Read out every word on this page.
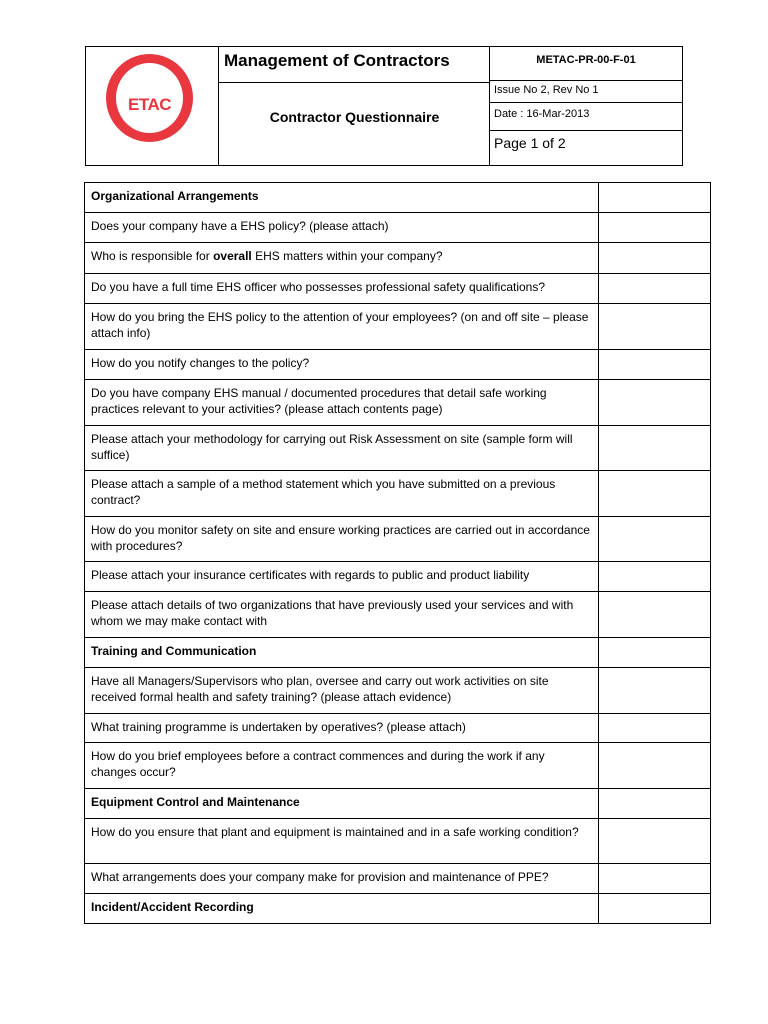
ETAC
Management of Contractors
Contractor Questionnaire
METAC-PR-00-F-01
Issue No 2, Rev No 1
Date : 16-Mar-2013
Page 1 of 2
Organizational Arrangements	
Does your company have a EHS policy? (please attach)	
Who is responsible for overall EHS matters within your company?	
Do you have a full time EHS officer who possesses professional safety qualifications?	
How do you bring the EHS policy to the attention of your employees? (on and off site – please attach info)	
How do you notify changes to the policy?	
Do you have company EHS manual / documented procedures that detail safe working practices relevant to your activities? (please attach contents page)	
Please attach your methodology for carrying out Risk Assessment on site (sample form will suffice)	
Please attach a sample of a method statement which you have submitted on a previous contract?	
How do you monitor safety on site and ensure working practices are carried out in accordance with procedures?	
Please attach your insurance certificates with regards to public and product liability	
Please attach details of two organizations that have previously used your services and with whom we may make contact with	
Training and Communication	
Have all Managers/Supervisors who plan, oversee and carry out work activities on site received formal health and safety training? (please attach evidence)	
What training programme is undertaken by operatives? (please attach)	
How do you brief employees before a contract commences and during the work if any changes occur?	
Equipment Control and Maintenance	
How do you ensure that plant and equipment is maintained and in a safe working condition?	
What arrangements does your company make for provision and maintenance of PPE?	
Incident/Accident Recording	
